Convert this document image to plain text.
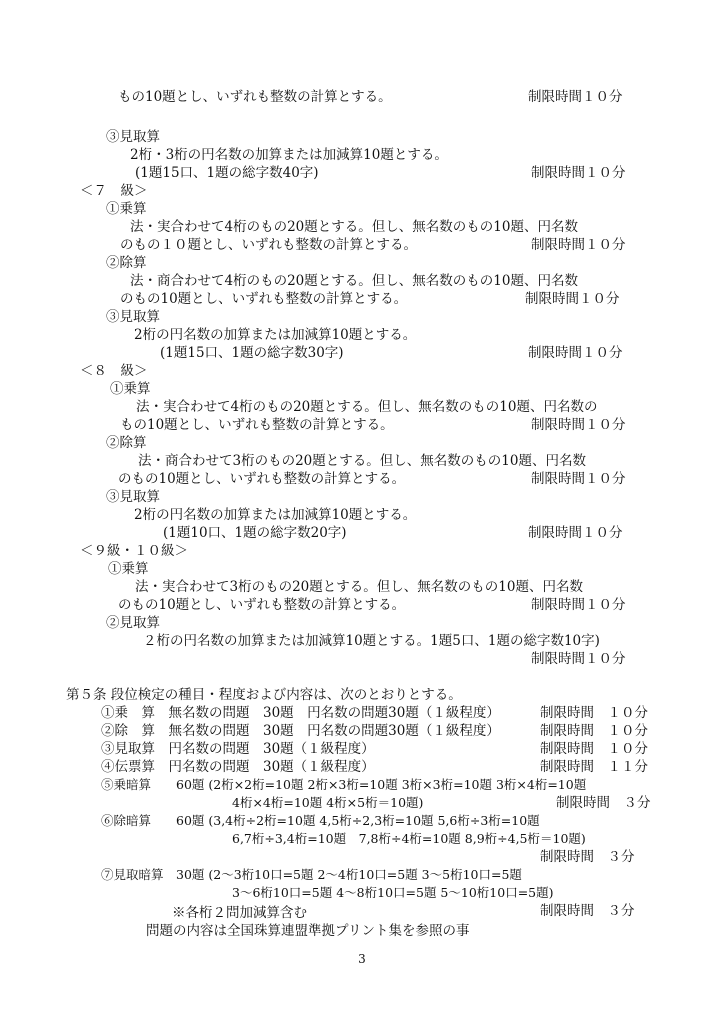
もの10題とし、いずれも整数の計算とする。	制限時間１０分
③見取算
2桁・3桁の円名数の加算または加減算10題とする。
(1題15口、1題の総字数40字)	制限時間１０分
＜７　級＞
①乗算
法・実合わせて4桁のもの20題とする。但し、無名数のもの10題、円名数
のもの１０題とし、いずれも整数の計算とする。	制限時間１０分
②除算
法・商合わせて4桁のもの20題とする。但し、無名数のもの10題、円名数
のもの10題とし、いずれも整数の計算とする。	制限時間１０分
③見取算
2桁の円名数の加算または加減算10題とする。
(1題15口、1題の総字数30字)	制限時間１０分
＜８　級＞
①乗算
法・実合わせて4桁のもの20題とする。但し、無名数のもの10題、円名数の
もの10題とし、いずれも整数の計算とする。	制限時間１０分
②除算
法・商合わせて3桁のもの20題とする。但し、無名数のもの10題、円名数
のもの10題とし、いずれも整数の計算とする。	制限時間１０分
③見取算
2桁の円名数の加算または加減算10題とする。
(1題10口、1題の総字数20字)	制限時間１０分
＜９級・１０級＞
①乗算
法・実合わせて3桁のもの20題とする。但し、無名数のもの10題、円名数
のもの10題とし、いずれも整数の計算とする。	制限時間１０分
②見取算
２桁の円名数の加算または加減算10題とする。1題5口、1題の総字数10字)
制限時間１０分
第５条 段位検定の種目・程度および内容は、次のとおりとする。
①乗　算　無名数の問題　30題　円名数の問題30題（１級程度）	制限時間　１０分
②除　算　無名数の問題　30題　円名数の問題30題（１級程度）	制限時間　１０分
③見取算　円名数の問題　30題（１級程度）	制限時間　１０分
④伝票算　円名数の問題　30題（１級程度）	制限時間　１１分
⑤乗暗算　　60題 (2桁×2桁=10題 2桁×3桁=10題 3桁×3桁=10題 3桁×4桁=10題
4桁×4桁=10題 4桁×5桁＝10題)	制限時間　３分
⑥除暗算　　60題 (3,4桁÷2桁=10題 4,5桁÷2,3桁=10題 5,6桁÷3桁=10題
6,7桁÷3,4桁=10題　7,8桁÷4桁=10題 8,9桁÷4,5桁＝10題)
制限時間　３分
⑦見取暗算　30題 (2～3桁10口=5題 2～4桁10口=5題 3～5桁10口=5題
3～6桁10口=5題 4～8桁10口=5題 5～10桁10口=5題)
制限時間　３分
※各桁２問加減算含む
問題の内容は全国珠算連盟準拠プリント集を参照の事
3
